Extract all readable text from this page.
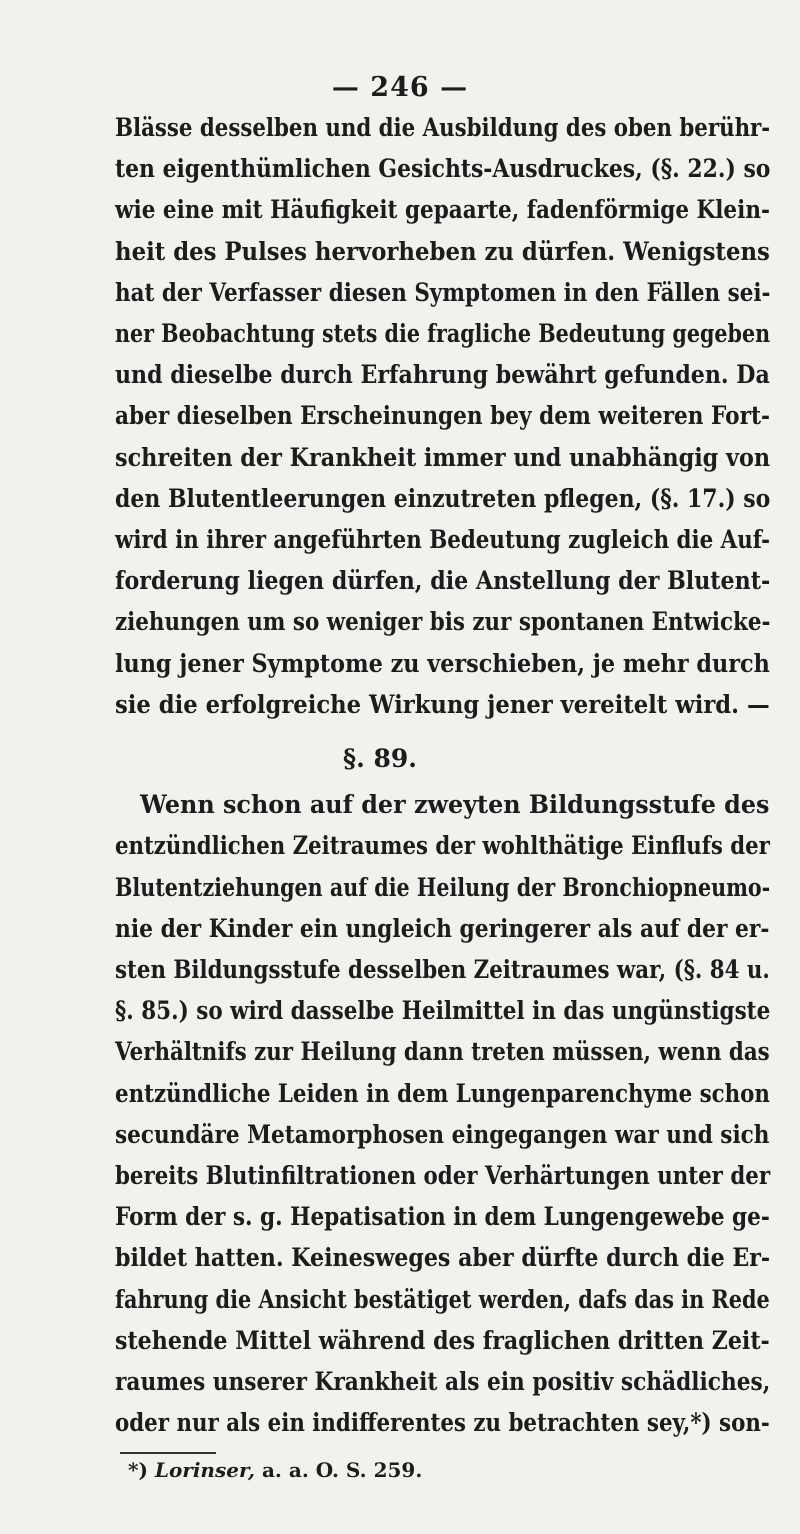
— 246 —
Blässe desselben und die Ausbildung des oben berühr-
ten eigenthümlichen Gesichts-Ausdruckes, (§. 22.) so
wie eine mit Häufigkeit gepaarte, fadenförmige Klein-
heit des Pulses hervorheben zu dürfen. Wenigstens
hat der Verfasser diesen Symptomen in den Fällen sei-
ner Beobachtung stets die fragliche Bedeutung gegeben
und dieselbe durch Erfahrung bewährt gefunden. Da
aber dieselben Erscheinungen bey dem weiteren Fort-
schreiten der Krankheit immer und unabhängig von
den Blutentleerungen einzutreten pflegen, (§. 17.) so
wird in ihrer angeführten Bedeutung zugleich die Auf-
forderung liegen dürfen, die Anstellung der Blutent-
ziehungen um so weniger bis zur spontanen Entwicke-
lung jener Symptome zu verschieben, je mehr durch
sie die erfolgreiche Wirkung jener vereitelt wird. —
§. 89.
Wenn schon auf der zweyten Bildungsstufe des
entzündlichen Zeitraumes der wohlthätige Einflufs der
Blutentziehungen auf die Heilung der Bronchiopneumo-
nie der Kinder ein ungleich geringerer als auf der er-
sten Bildungsstufe desselben Zeitraumes war, (§. 84 u.
§. 85.) so wird dasselbe Heilmittel in das ungünstigste
Verhältnifs zur Heilung dann treten müssen, wenn das
entzündliche Leiden in dem Lungenparenchyme schon
secundäre Metamorphosen eingegangen war und sich
bereits Blutinfiltrationen oder Verhärtungen unter der
Form der s. g. Hepatisation in dem Lungengewebe ge-
bildet hatten. Keinesweges aber dürfte durch die Er-
fahrung die Ansicht bestätiget werden, dafs das in Rede
stehende Mittel während des fraglichen dritten Zeit-
raumes unserer Krankheit als ein positiv schädliches,
oder nur als ein indifferentes zu betrachten sey,*) son-
*) Lorinser, a. a. O. S. 259.
